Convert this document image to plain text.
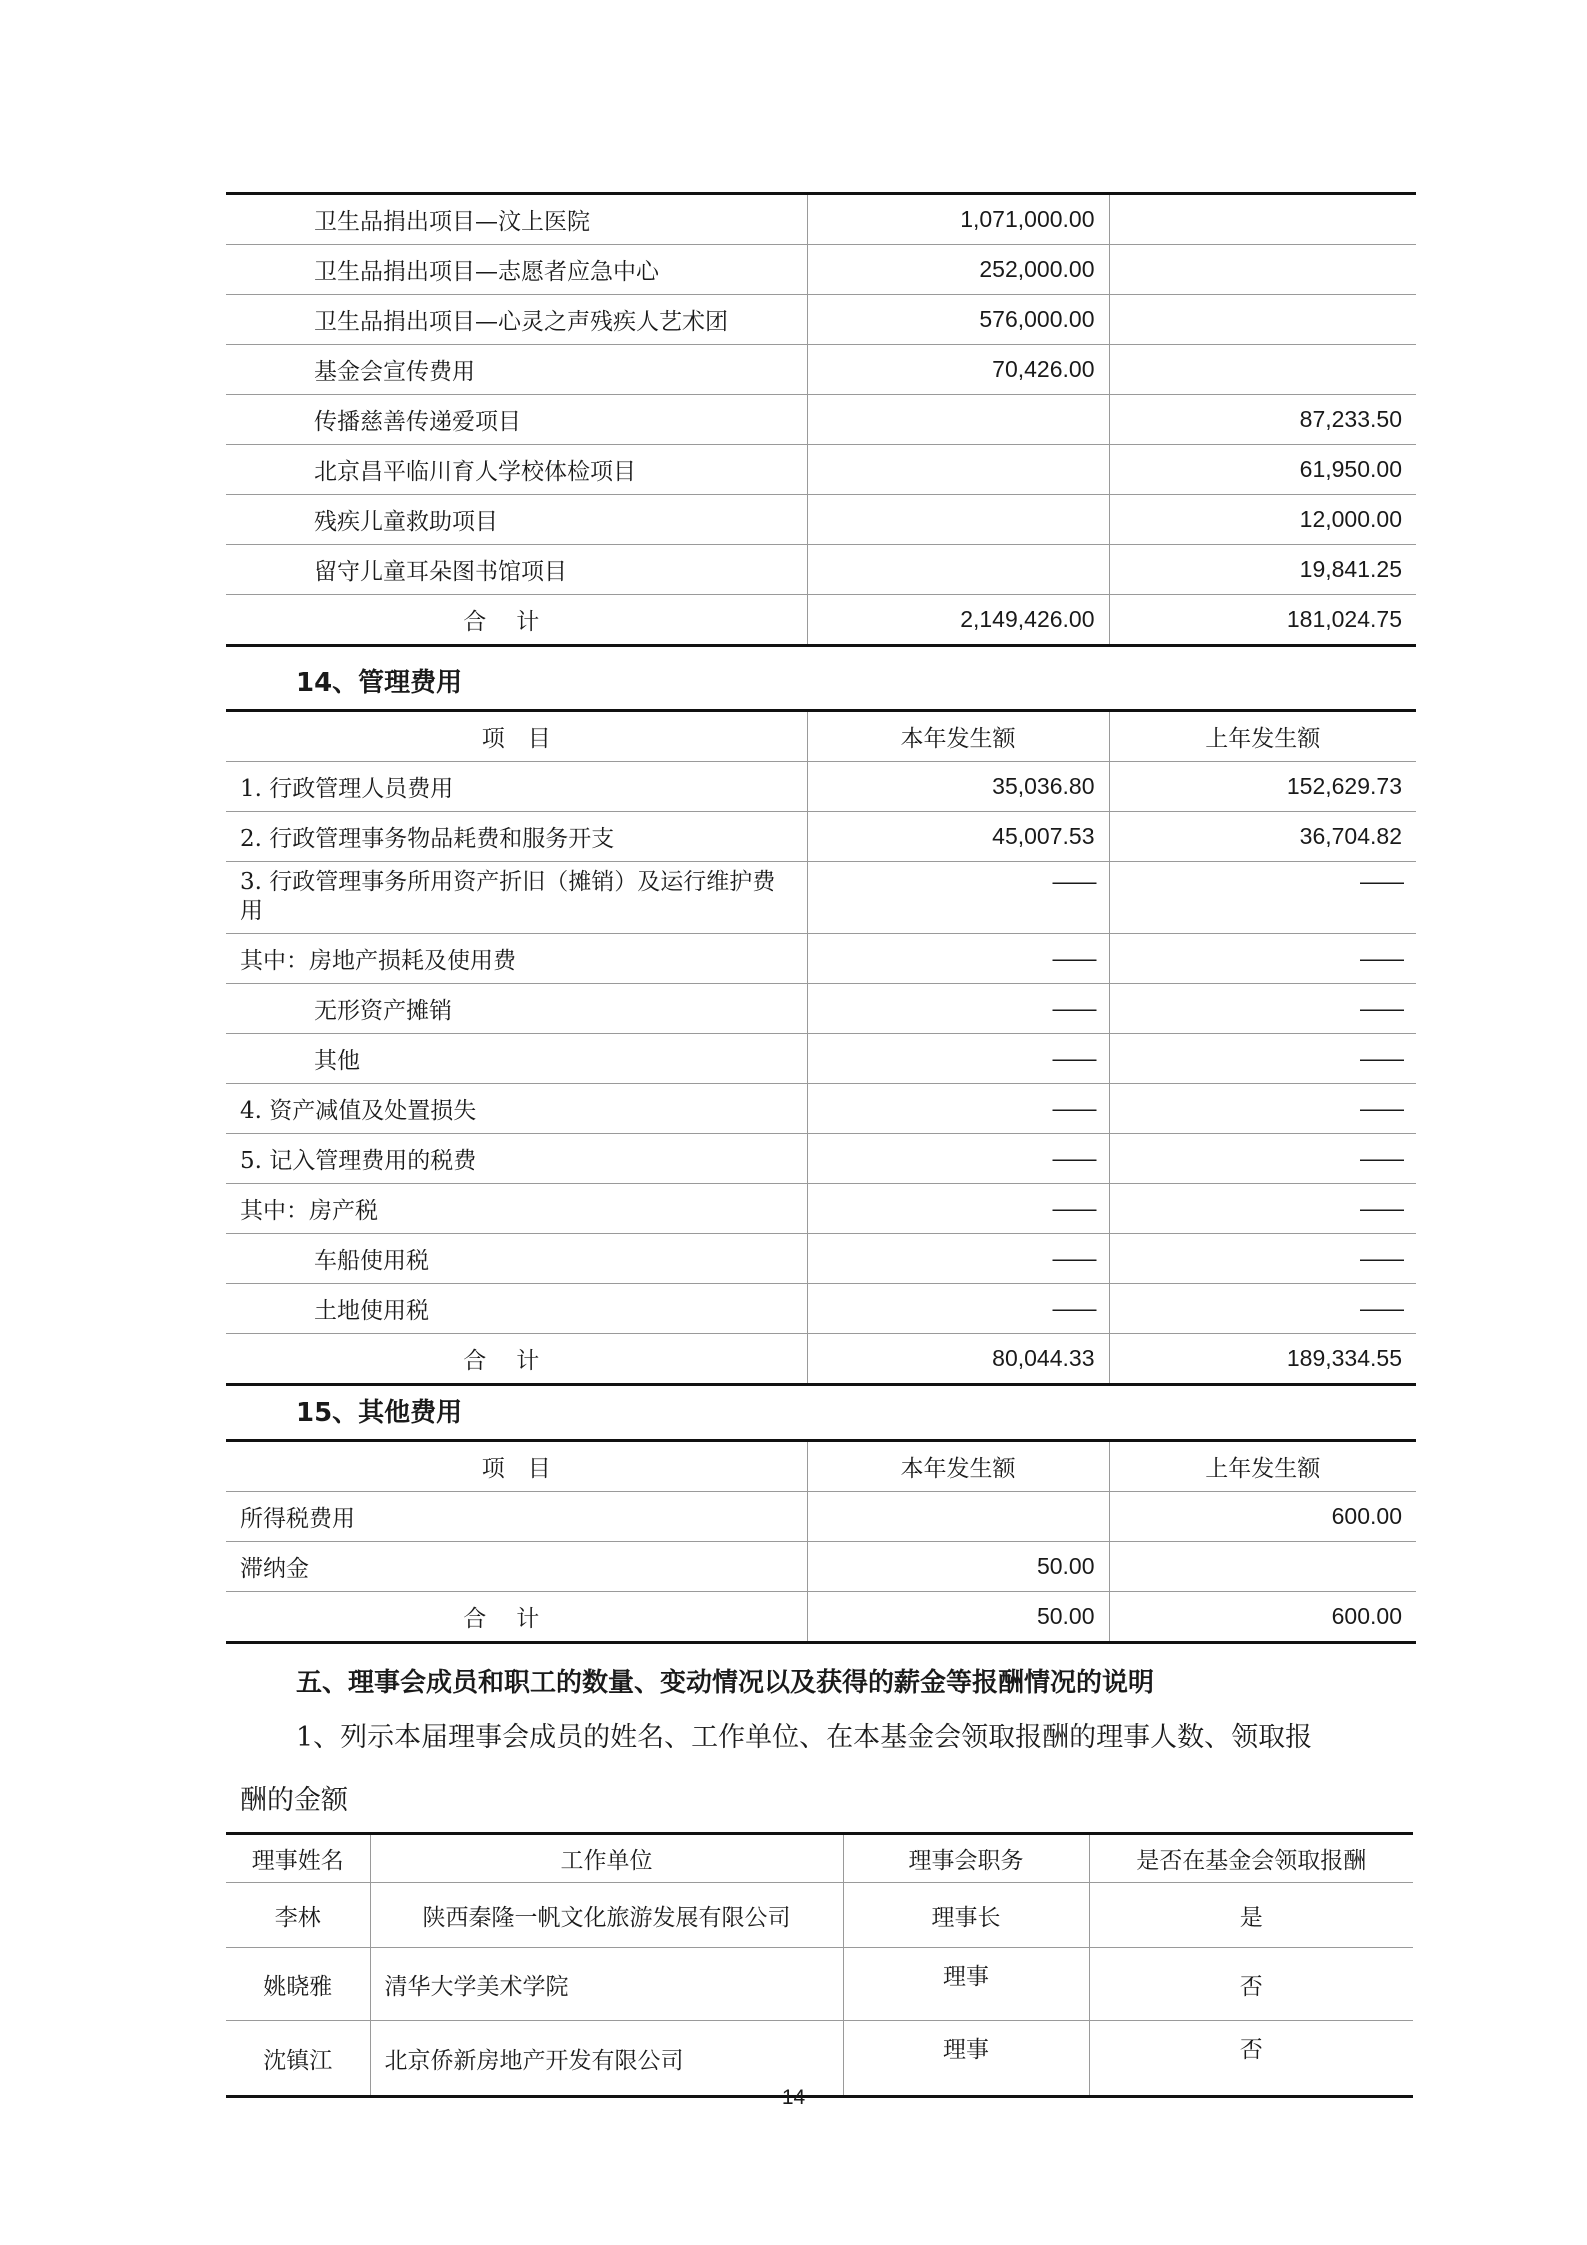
卫生品捐出项目—汶上医院	1,071,000.00	
卫生品捐出项目—志愿者应急中心	252,000.00	
卫生品捐出项目—心灵之声残疾人艺术团	576,000.00	
基金会宣传费用	70,426.00	
传播慈善传递爱项目		87,233.50
北京昌平临川育人学校体检项目		61,950.00
残疾儿童救助项目		12,000.00
留守儿童耳朵图书馆项目		19,841.25
合计	2,149,426.00	181,024.75
14、管理费用
项　目	本年发生额	上年发生额
1. 行政管理人员费用	35,036.80	152,629.73
2. 行政管理事务物品耗费和服务开支	45,007.53	36,704.82
3. 行政管理事务所用资产折旧（摊销）及运行维护费用	——	——
其中：房地产损耗及使用费	——	——
无形资产摊销	——	——
其他	——	——
4. 资产减值及处置损失	——	——
5. 记入管理费用的税费	——	——
其中：房产税	——	——
车船使用税	——	——
土地使用税	——	——
合计	80,044.33	189,334.55
15、其他费用
项　目	本年发生额	上年发生额
所得税费用		600.00
滞纳金	50.00	
合计	50.00	600.00
五、理事会成员和职工的数量、变动情况以及获得的薪金等报酬情况的说明
1、列示本届理事会成员的姓名、工作单位、在本基金会领取报酬的理事人数、领取报
酬的金额
理事姓名	工作单位	理事会职务	是否在基金会领取报酬
李林	陕西秦隆一帆文化旅游发展有限公司	理事长	是
姚晓雅	清华大学美术学院	理事	否
沈镇江	北京侨新房地产开发有限公司	理事	否
14
